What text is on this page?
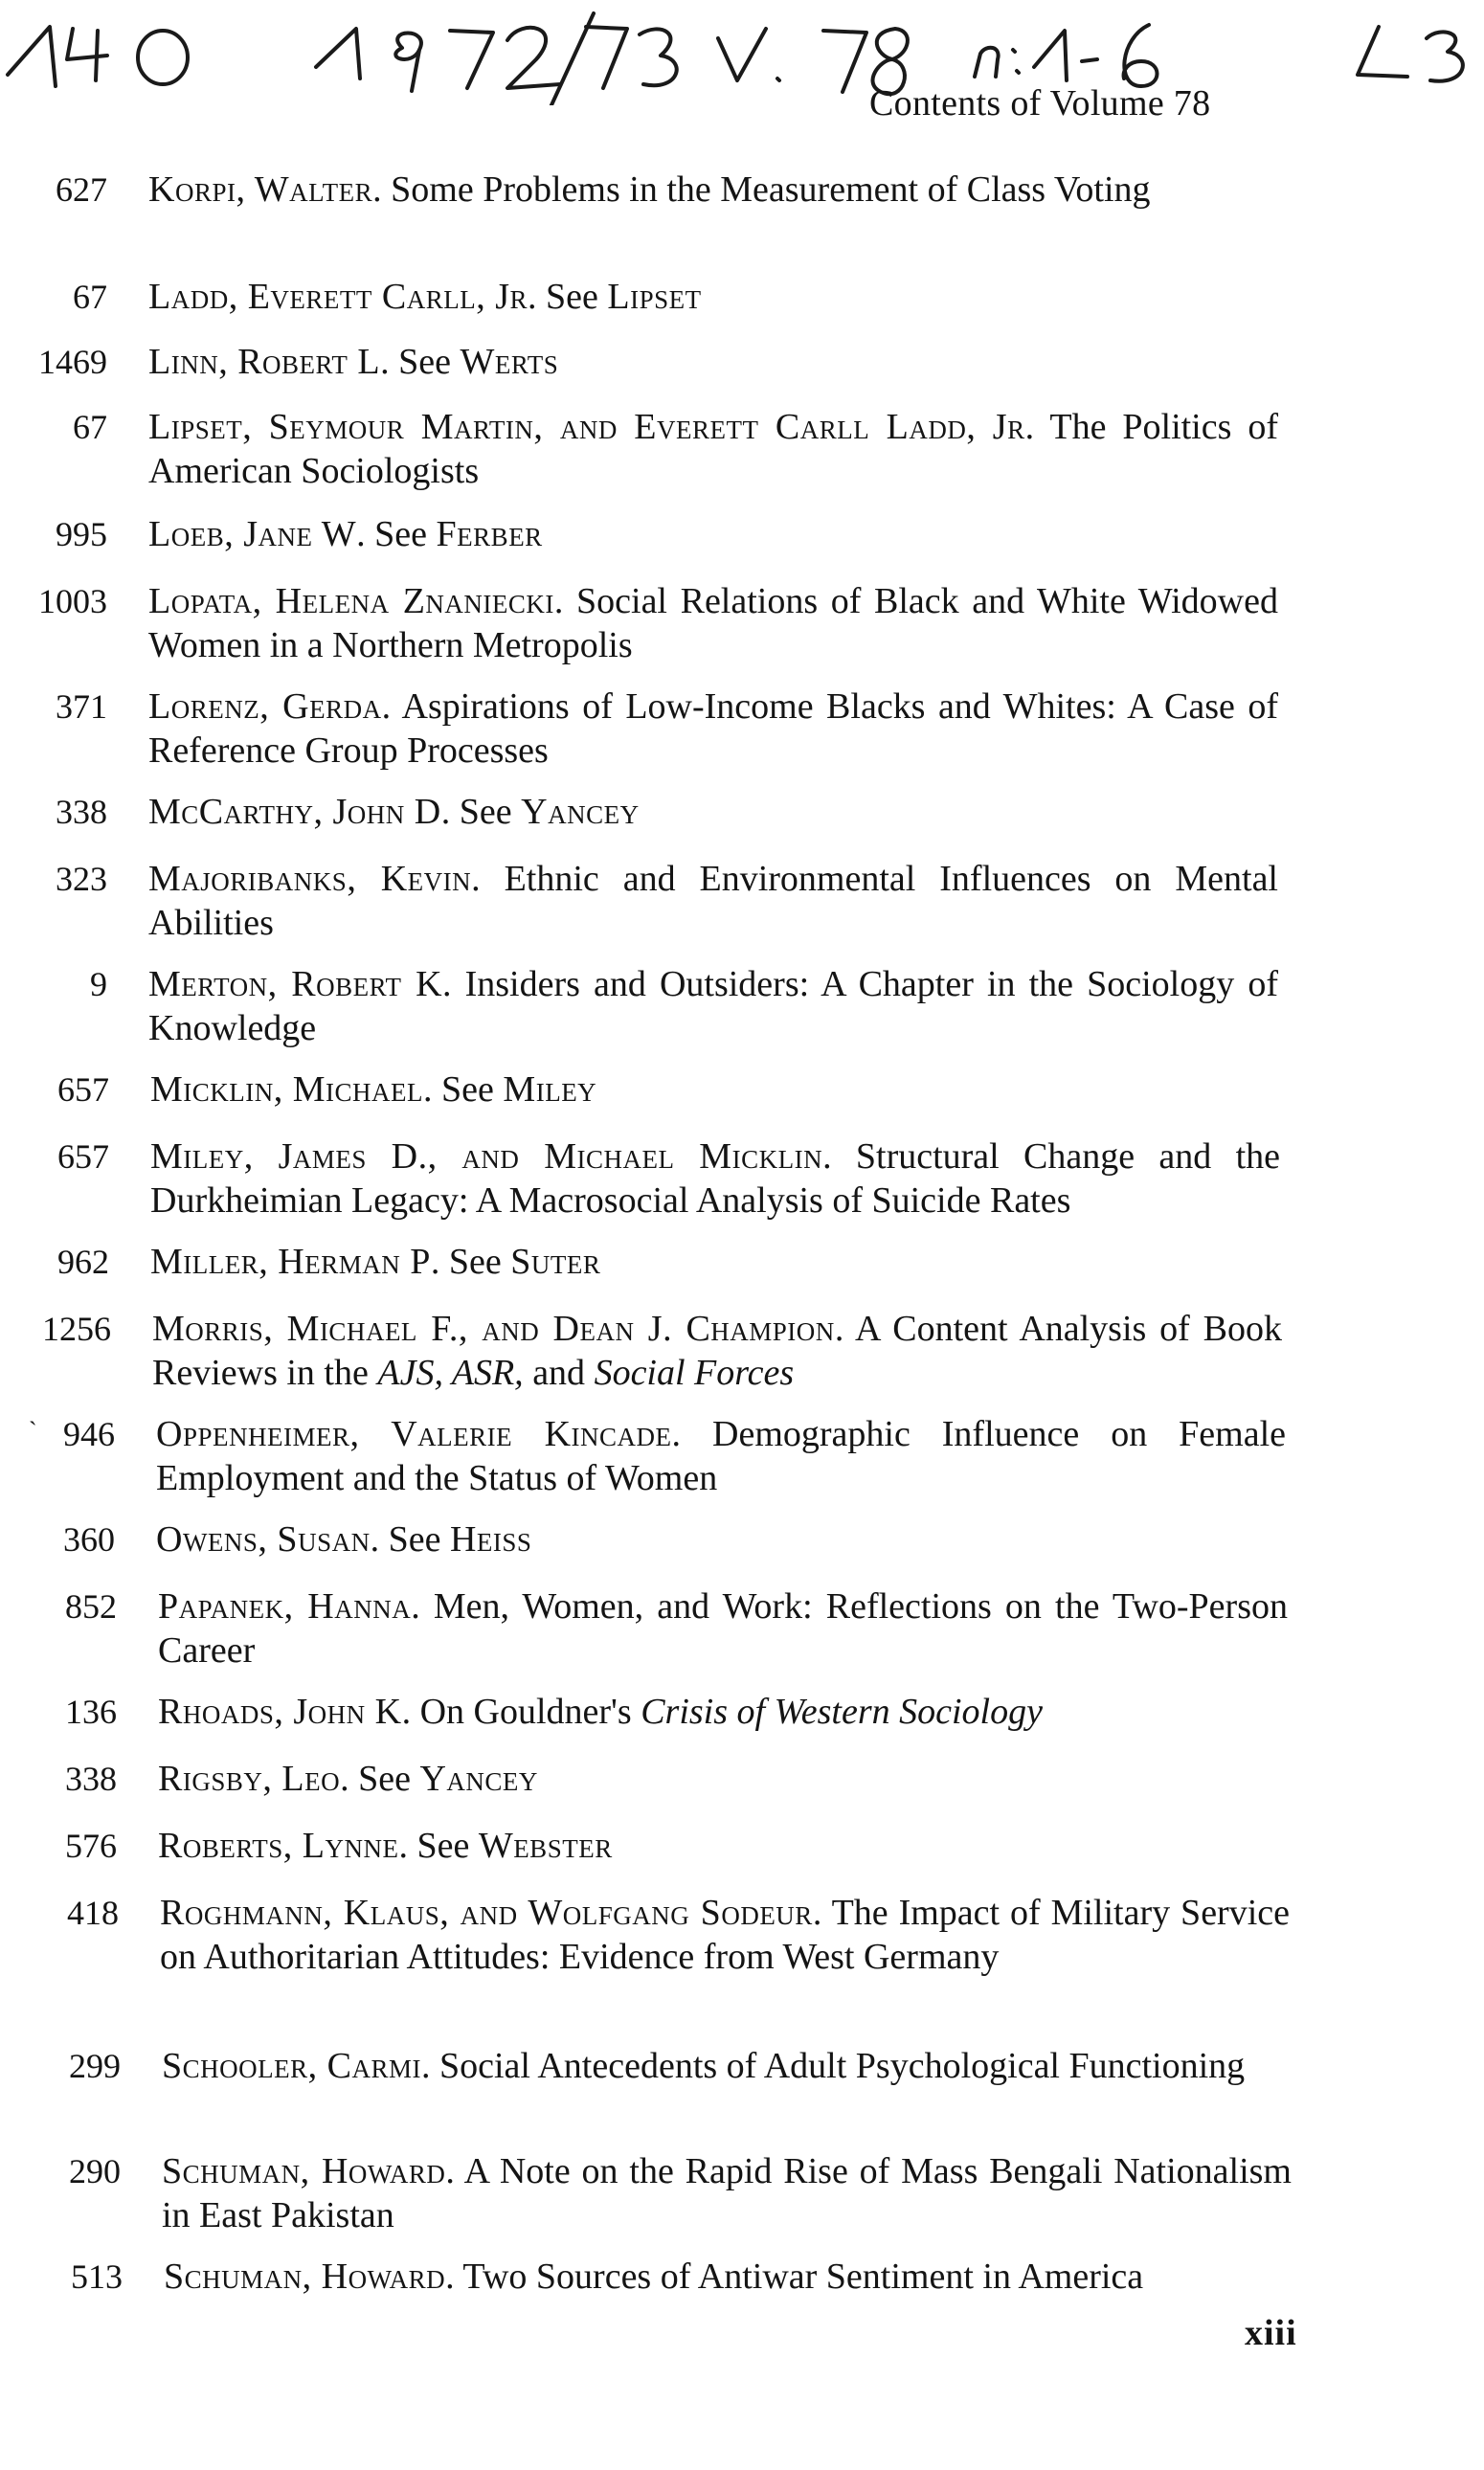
Contents of Volume 78
627 Korpi, Walter. Some Problems in the Measurement of Class Voting
67 Ladd, Everett Carll, Jr. See Lipset
1469 Linn, Robert L. See Werts
67 Lipset, Seymour Martin, and Everett Carll Ladd, Jr. The Politics of American Sociologists
995 Loeb, Jane W. See Ferber
1003 Lopata, Helena Znaniecki. Social Relations of Black and White Widowed Women in a Northern Metropolis
371 Lorenz, Gerda. Aspirations of Low-Income Blacks and Whites: A Case of Reference Group Processes
338 McCarthy, John D. See Yancey
323 Majoribanks, Kevin. Ethnic and Environmental Influences on Mental Abilities
9 Merton, Robert K. Insiders and Outsiders: A Chapter in the Sociology of Knowledge
657 Micklin, Michael. See Miley
657 Miley, James D., and Michael Micklin. Structural Change and the Durkheimian Legacy: A Macrosocial Analysis of Suicide Rates
962 Miller, Herman P. See Suter
1256 Morris, Michael F., and Dean J. Champion. A Content Analysis of Book Reviews in the AJS, ASR, and Social Forces
946 Oppenheimer, Valerie Kincade. Demographic Influence on Female Employment and the Status of Women
360 Owens, Susan. See Heiss
852 Papanek, Hanna. Men, Women, and Work: Reflections on the Two-Person Career
136 Rhoads, John K. On Gouldner's Crisis of Western Sociology
338 Rigsby, Leo. See Yancey
576 Roberts, Lynne. See Webster
418 Roghmann, Klaus, and Wolfgang Sodeur. The Impact of Military Service on Authoritarian Attitudes: Evidence from West Germany
299 Schooler, Carmi. Social Antecedents of Adult Psychological Functioning
290 Schuman, Howard. A Note on the Rapid Rise of Mass Bengali Nationalism in East Pakistan
513 Schuman, Howard. Two Sources of Antiwar Sentiment in America
ˋ
xiii
